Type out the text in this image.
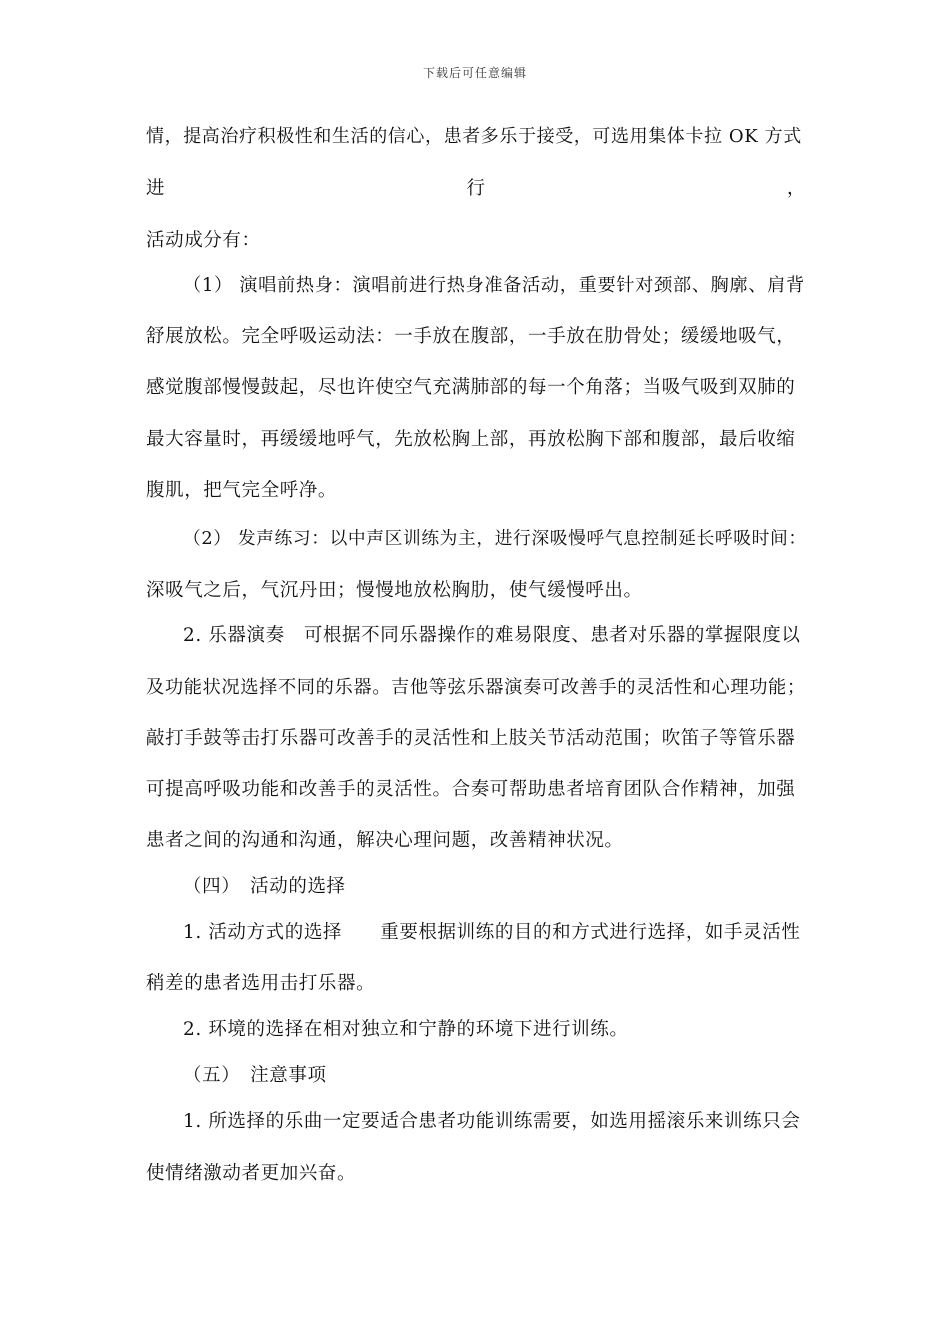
下载后可任意编辑
情，提高治疗积极性和生活的信心，患者多乐于接受，可选用集体卡拉 OK 方式
进	行	，
活动成分有：
（1） 演唱前热身：演唱前进行热身准备活动，重要针对颈部、胸廓、肩背
舒展放松。完全呼吸运动法：一手放在腹部，一手放在肋骨处；缓缓地吸气，
感觉腹部慢慢鼓起，尽也许使空气充满肺部的每一个角落；当吸气吸到双肺的
最大容量时，再缓缓地呼气，先放松胸上部，再放松胸下部和腹部，最后收缩
腹肌，把气完全呼净。
（2） 发声练习：以中声区训练为主，进行深吸慢呼气息控制延长呼吸时间：
深吸气之后，气沉丹田；慢慢地放松胸肋，使气缓慢呼出。
2. 乐器演奏　可根据不同乐器操作的难易限度、患者对乐器的掌握限度以
及功能状况选择不同的乐器。吉他等弦乐器演奏可改善手的灵活性和心理功能；
敲打手鼓等击打乐器可改善手的灵活性和上肢关节活动范围；吹笛子等管乐器
可提高呼吸功能和改善手的灵活性。合奏可帮助患者培育团队合作精神，加强
患者之间的沟通和沟通，解决心理问题，改善精神状况。
（四）　活动的选择
1. 活动方式的选择　　重要根据训练的目的和方式进行选择，如手灵活性
稍差的患者选用击打乐器。
2. 环境的选择在相对独立和宁静的环境下进行训练。
（五）　注意事项
1. 所选择的乐曲一定要适合患者功能训练需要，如选用摇滚乐来训练只会
使情绪激动者更加兴奋。
